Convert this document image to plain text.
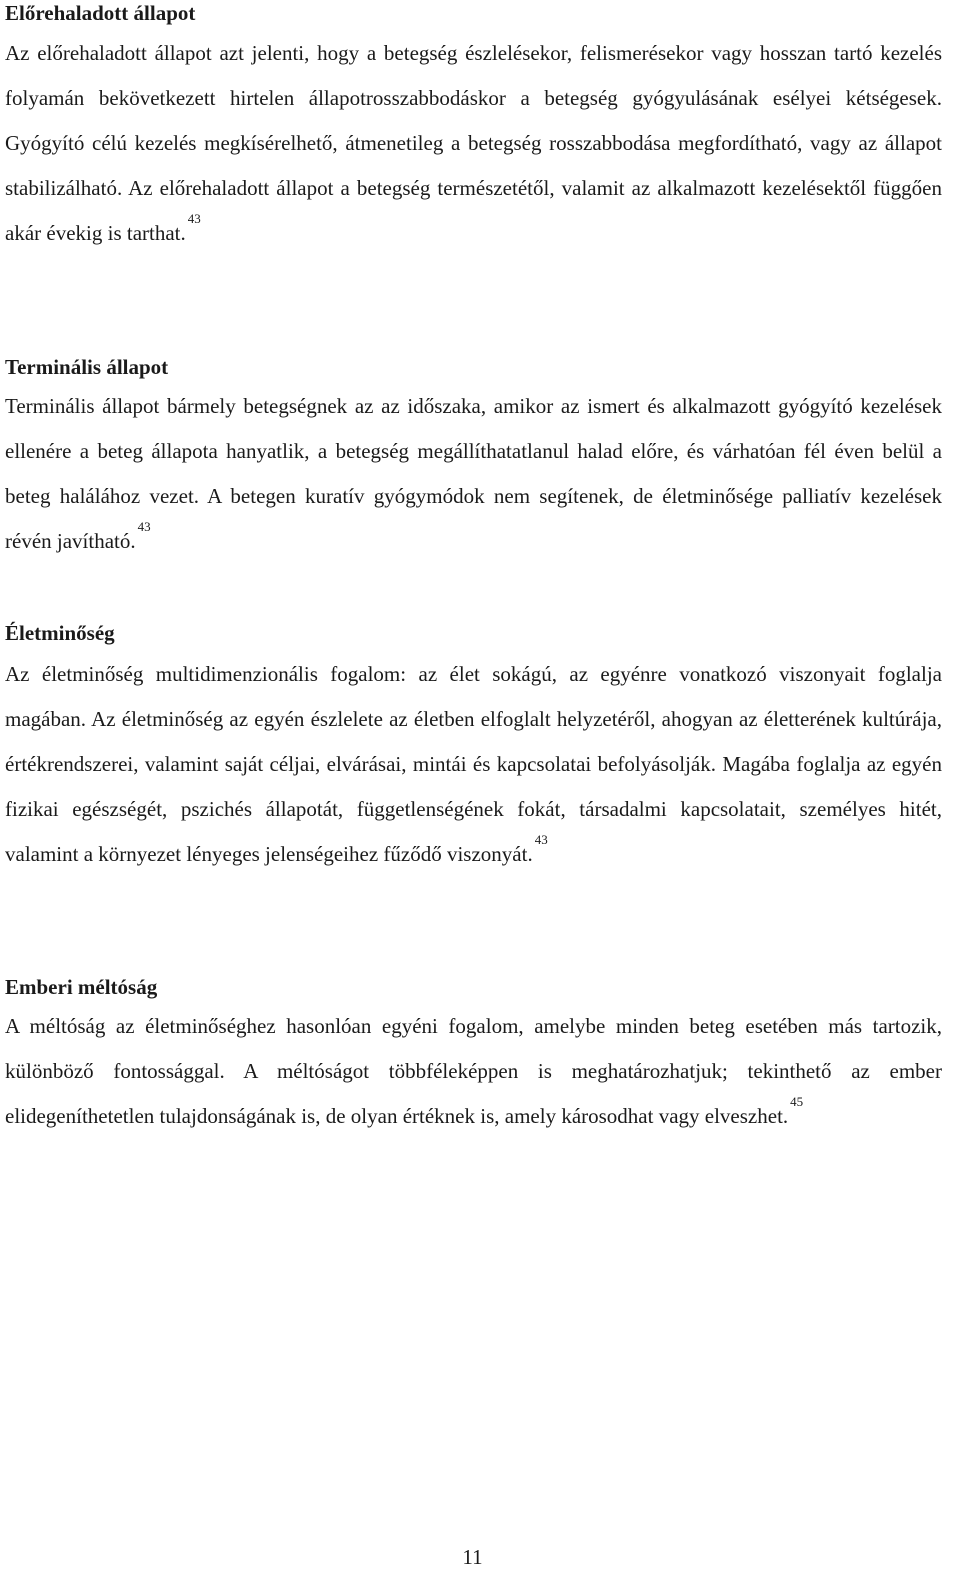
Előrehaladott állapot

Az előrehaladott állapot azt jelenti, hogy a betegség észlelésekor, felismerésekor vagy hosszan tartó kezelés folyamán bekövetkezett hirtelen állapotrosszabbodáskor a betegség gyógyulásának esélyei kétségesek. Gyógyító célú kezelés megkísérelhető, átmenetileg a betegség rosszabbodása megfordítható, vagy az állapot stabilizálható. Az előrehaladott állapot a betegség természetétől, valamit az alkalmazott kezelésektől függően akár évekig is tarthat.$^{43}$

Terminális állapot

Terminális állapot bármely betegségnek az az időszaka, amikor az ismert és alkalmazott gyógyító kezelések ellenére a beteg állapota hanyatlik, a betegség megállíthatatlanul halad előre, és várhatóan fél éven belül a beteg halálához vezet. A betegen kuratív gyógymódok nem segítenek, de életminősége palliatív kezelések révén javítható.$^{43}$

Életminőség

Az életminőség multidimenzionális fogalom: az élet sokágú, az egyénre vonatkozó viszonyait foglalja magában. Az életminőség az egyén észlelete az életben elfoglalt helyzetéről, ahogyan az életterének kultúrája, értékrendszerei, valamint saját céljai, elvárásai, mintái és kapcsolatai befolyásolják. Magába foglalja az egyén fizikai egészségét, pszichés állapotát, függetlenségének fokát, társadalmi kapcsolatait, személyes hitét, valamint a környezet lényeges jelenségeihez fűződő viszonyát.$^{43}$

Emberi méltóság

A méltóság az életminőséghez hasonlóan egyéni fogalom, amelybe minden beteg esetében más tartozik, különböző fontossággal. A méltóságot többféleképpen is meghatározhatjuk; tekinthető az ember elidegeníthetetlen tulajdonságának is, de olyan értéknek is, amely károsodhat vagy elveszhet.$^{45}$

11
